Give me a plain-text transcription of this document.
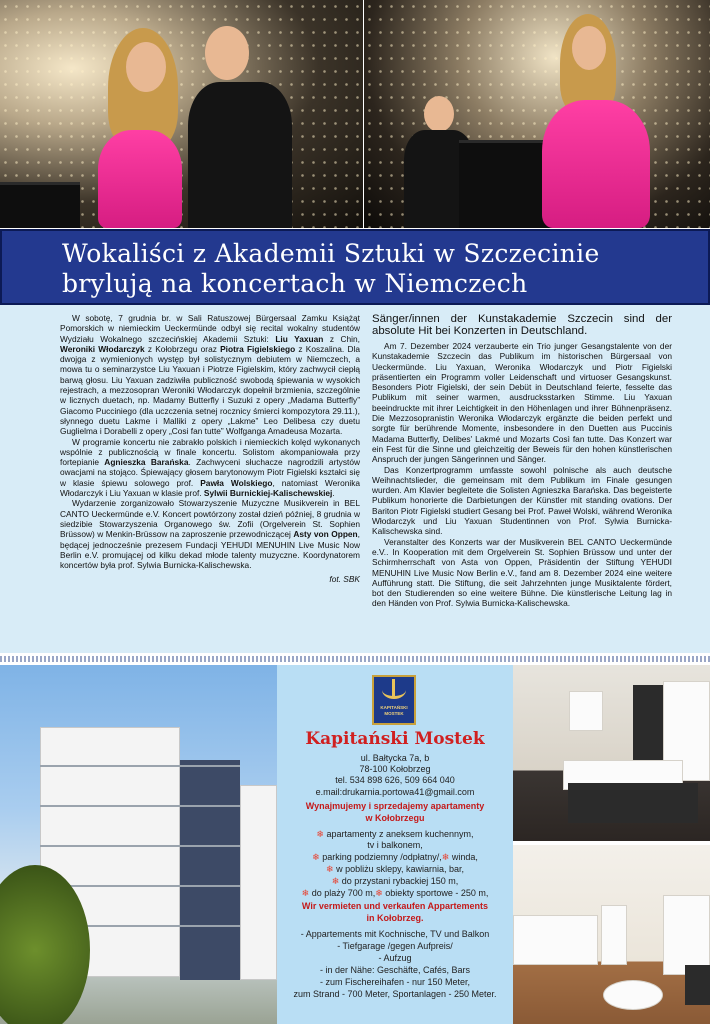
Wokaliści z Akademii Sztuki w Szczecinie
brylują na koncertach w Niemczech

W sobotę, 7 grudnia br. w Sali Ratuszowej Bürgersaal Zamku Książąt Pomorskich w niemieckim Ueckermünde odbył się recital wokalny studentów Wydziału Wokalnego szczecińskiej Akademii Sztuki: Liu Yaxuan z Chin, Weroniki Włodarczyk z Kołobrzegu oraz Piotra Figielskiego z Koszalina. Dla dwojga z wymienionych występ był solistycznym debiutem w Niemczech, a mowa tu o seminarzystce Liu Yaxuan i Piotrze Figielskim, który zachwycił ciepłą barwą głosu. Liu Yaxuan zadziwiła publiczność swobodą śpiewania w wysokich rejestrach, a mezzosopran Weroniki Włodarczyk dopełnił brzmienia, szczególnie w licznych duetach, np. Madamy Butterfly i Suzuki z opery „Madama Butterfly” Giacomo Pucciniego (dla uczczenia setnej rocznicy śmierci kompozytora 29.11.), słynnego duetu Lakme i Malliki z opery „Lakme” Leo Delibesa czy duetu Guglielma i Dorabelli z opery „Cosi fan tutte” Wolfganga Amadeusa Mozarta.

W programie koncertu nie zabrakło polskich i niemieckich kolęd wykonanych wspólnie z publicznością w finale koncertu. Solistom akompaniowała przy fortepianie Agnieszka Barańska. Zachwyceni słuchacze nagrodzili artystów owacjami na stojąco. Śpiewający głosem barytonowym Piotr Figielski kształci się w klasie śpiewu solowego prof. Pawła Wolskiego, natomiast Weronika Włodarczyk i Liu Yaxuan w klasie prof. Sylwii Burnickiej-Kalischewskiej.

Wydarzenie zorganizowało Stowarzyszenie Muzyczne Musikverein in BEL CANTO Ueckermünde e.V. Koncert powtórzony został dzień później, 8 grudnia w siedzibie Stowarzyszenia Organowego św. Zofii (Orgelverein St. Sophien Brüssow) w Menkin-Brüssow na zaproszenie przewodniczącej Asty von Oppen, będącej jednocześnie prezesem Fundacji YEHUDI MENUHIN Live Music Now Berlin e.V. promującej od kilku dekad młode talenty muzyczne. Koordynatorem koncertów była prof. Sylwia Burnicka-Kalischewska.

fot. SBK
Sänger/innen der Kunstakademie Szczecin sind der absolute Hit bei Konzerten in Deutschland.

Am 7. Dezember 2024 verzauberte ein Trio junger Gesangstalente von der Kunstakademie Szczecin das Publikum im historischen Bürgersaal von Ueckermünde. Liu Yaxuan, Weronika Włodarczyk und Piotr Figielski präsentierten ein Programm voller Leidenschaft und virtuoser Gesangskunst. Besonders Piotr Figielski, der sein Debüt in Deutschland feierte, fesselte das Publikum mit seiner warmen, ausdrucksstarken Stimme. Liu Yaxuan beeindruckte mit ihrer Leichtigkeit in den Höhenlagen und ihrer Bühnenpräsenz. Die Mezzosopranistin Weronika Włodarczyk ergänzte die beiden perfekt und sorgte für berührende Momente, insbesondere in den Duetten aus Puccinis Madama Butterfly, Delibes' Lakmé und Mozarts Così fan tutte. Das Konzert war ein Fest für die Sinne und gleichzeitig der Beweis für den hohen künstlerischen Anspruch der jungen Sängerinnen und Sänger.

Das Konzertprogramm umfasste sowohl polnische als auch deutsche Weihnachtslieder, die gemeinsam mit dem Publikum im Finale gesungen wurden. Am Klavier begleitete die Solisten Agnieszka Barańska. Das begeisterte Publikum honorierte die Darbietungen der Künstler mit standing ovations. Der Bariton Piotr Figielski studiert Gesang bei Prof. Paweł Wolski, während Weronika Włodarczyk und Liu Yaxuan Studentinnen von Prof. Sylwia Burnicka-Kalischewska sind.

Veranstalter des Konzerts war der Musikverein BEL CANTO Ueckermünde e.V.. In Kooperation mit dem Orgelverein St. Sophien Brüssow und unter der Schirmherrschaft von Asta von Oppen, Präsidentin der Stiftung YEHUDI MENUHIN Live Music Now Berlin e.V., fand am 8. Dezember 2024 eine weitere Aufführung statt. Die Stiftung, die seit Jahrzehnten junge Musiktalente fördert, bot den Studierenden so eine weitere Bühne. Die künstlerische Leitung lag in den Händen von Prof. Sylwia Burnicka-Kalischewska.

KAPITAŃSKI MOSTEK
Kapitański Mostek
ul. Bałtycka 7a, b
78-100 Kołobrzeg
tel. 534 898 626, 509 664 040
e.mail:drukarnia.portowa41@gmail.com
Wynajmujemy i sprzedajemy apartamenty
w Kołobrzegu
❄ apartamenty z aneksem kuchennym,
tv i balkonem,
❄ parking podziemny /odpłatny/,❄ winda,
❄ w pobliżu sklepy, kawiarnia, bar,
❄ do przystani rybackiej 150 m,
❄ do plaży 700 m,❄ obiekty sportowe - 250 m,
Wir vermieten und verkaufen Appartements
in Kołobrzeg.
- Appartements mit Kochnische, TV und Balkon
- Tiefgarage /gegen Aufpreis/
- Aufzug
- in der Nähe: Geschäfte, Cafés, Bars
- zum Fischereihafen - nur 150 Meter,
zum Strand - 700 Meter, Sportanlagen - 250 Meter.
